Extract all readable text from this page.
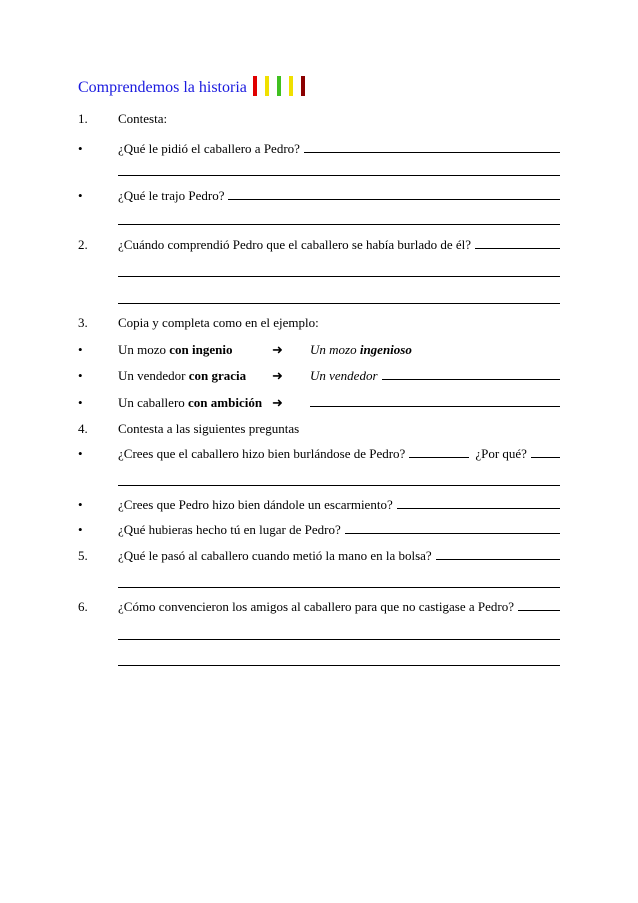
Comprendemos la historia
1.	Contesta:
•	¿Qué le pidió el caballero a Pedro?
•	¿Qué le trajo Pedro?
2.	¿Cuándo comprendió Pedro que el caballero se había burlado de él?
3.	Copia y completa como en el ejemplo:
•	Un mozo con ingenio	➜ Un mozo ingenioso
•	Un vendedor con gracia ➜ Un vendedor
•	Un caballero con ambición ➜
4.	Contesta a las siguientes preguntas
•	¿Crees que el caballero hizo bien burlándose de Pedro?	¿Por qué?
•	¿Crees que Pedro hizo bien dándole un escarmiento?
•	¿Qué hubieras hecho tú en lugar de Pedro?
5.	¿Qué le pasó al caballero cuando metió la mano en la bolsa?
6.	¿Cómo convencieron los amigos al caballero para que no castigase a Pedro?
